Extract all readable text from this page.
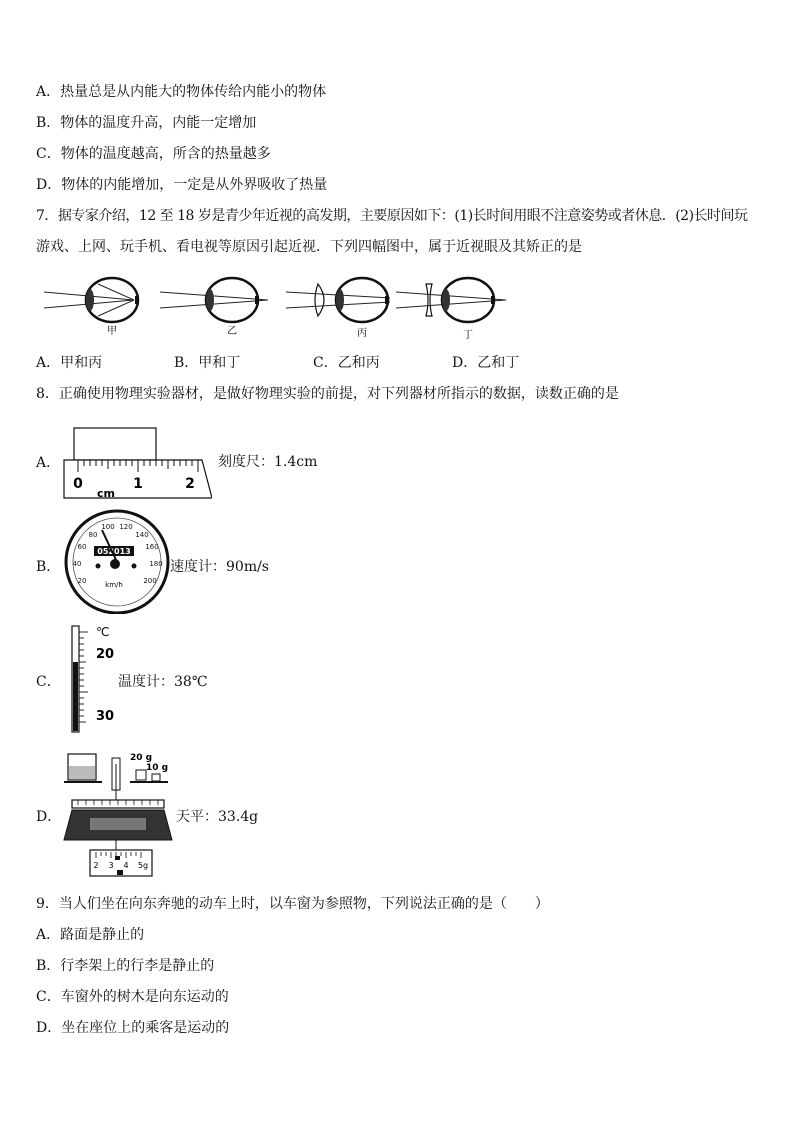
A．热量总是从内能大的物体传给内能小的物体
B．物体的温度升高，内能一定增加
C．物体的温度越高，所含的热量越多
D．物体的内能增加，一定是从外界吸收了热量
7．据专家介绍，12 至 18 岁是青少年近视的高发期，主要原因如下：(1)长时间用眼不注意姿势或者休息．(2)长时间玩
游戏、上网、玩手机、看电视等原因引起近视．下列四幅图中，属于近视眼及其矫正的是
甲	乙	丙	丁
A．甲和丙	B．甲和丁	C．乙和丙	D．乙和丁
8．正确使用物理实验器材，是做好物理实验的前提，对下列器材所指示的数据，读数正确的是
A．
0	1	2
cm
刻度尺：1.4cm
B．
20
40
60
80
100 120
140
160
180
200
052013
km/h
速度计：90m/s
C．
℃
20
30
温度计：38℃
D．
20 g
10 g
2 3 4 5g
天平：33.4g
9．当人们坐在向东奔驰的动车上时，以车窗为参照物，下列说法正确的是（　　）
A．路面是静止的
B．行李架上的行李是静止的
C．车窗外的树木是向东运动的
D．坐在座位上的乘客是运动的
